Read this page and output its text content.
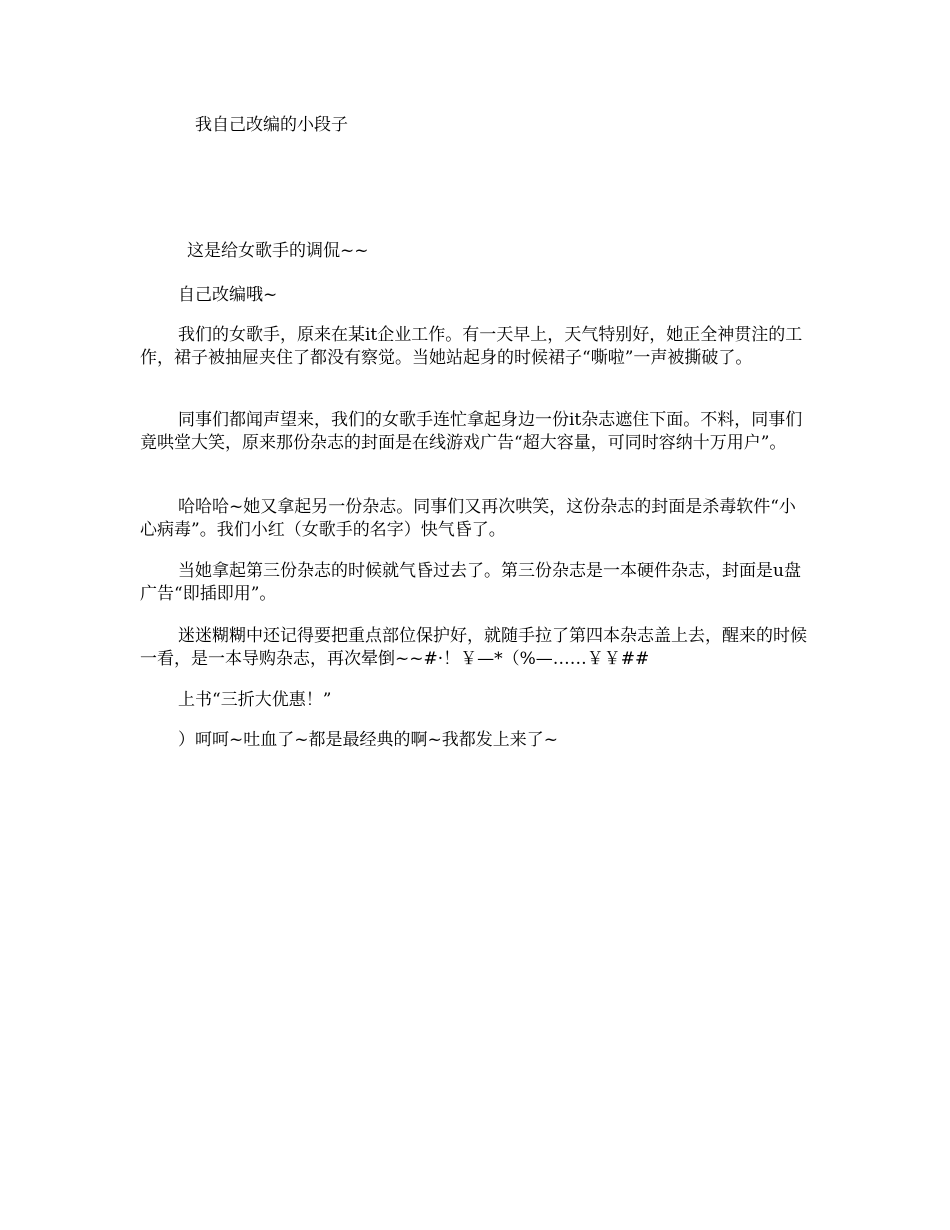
我自己改编的小段子

这是给女歌手的调侃~~

自己改编哦~

我们的女歌手，原来在某it企业工作。有一天早上，天气特别好，她正全神贯注的工作，裙子被抽屉夹住了都没有察觉。当她站起身的时候裙子“嘶啦”一声被撕破了。

同事们都闻声望来，我们的女歌手连忙拿起身边一份it杂志遮住下面。不料，同事们竟哄堂大笑，原来那份杂志的封面是在线游戏广告“超大容量，可同时容纳十万用户”。

哈哈哈~她又拿起另一份杂志。同事们又再次哄笑，这份杂志的封面是杀毒软件“小心病毒”。我们小红（女歌手的名字）快气昏了。

当她拿起第三份杂志的时候就气昏过去了。第三份杂志是一本硬件杂志，封面是u盘广告“即插即用”。

迷迷糊糊中还记得要把重点部位保护好，就随手拉了第四本杂志盖上去，醒来的时候一看，是一本导购杂志，再次晕倒~~#·！￥—*（%—……￥￥##

上书“三折大优惠！”

）呵呵~吐血了~都是最经典的啊~我都发上来了~
